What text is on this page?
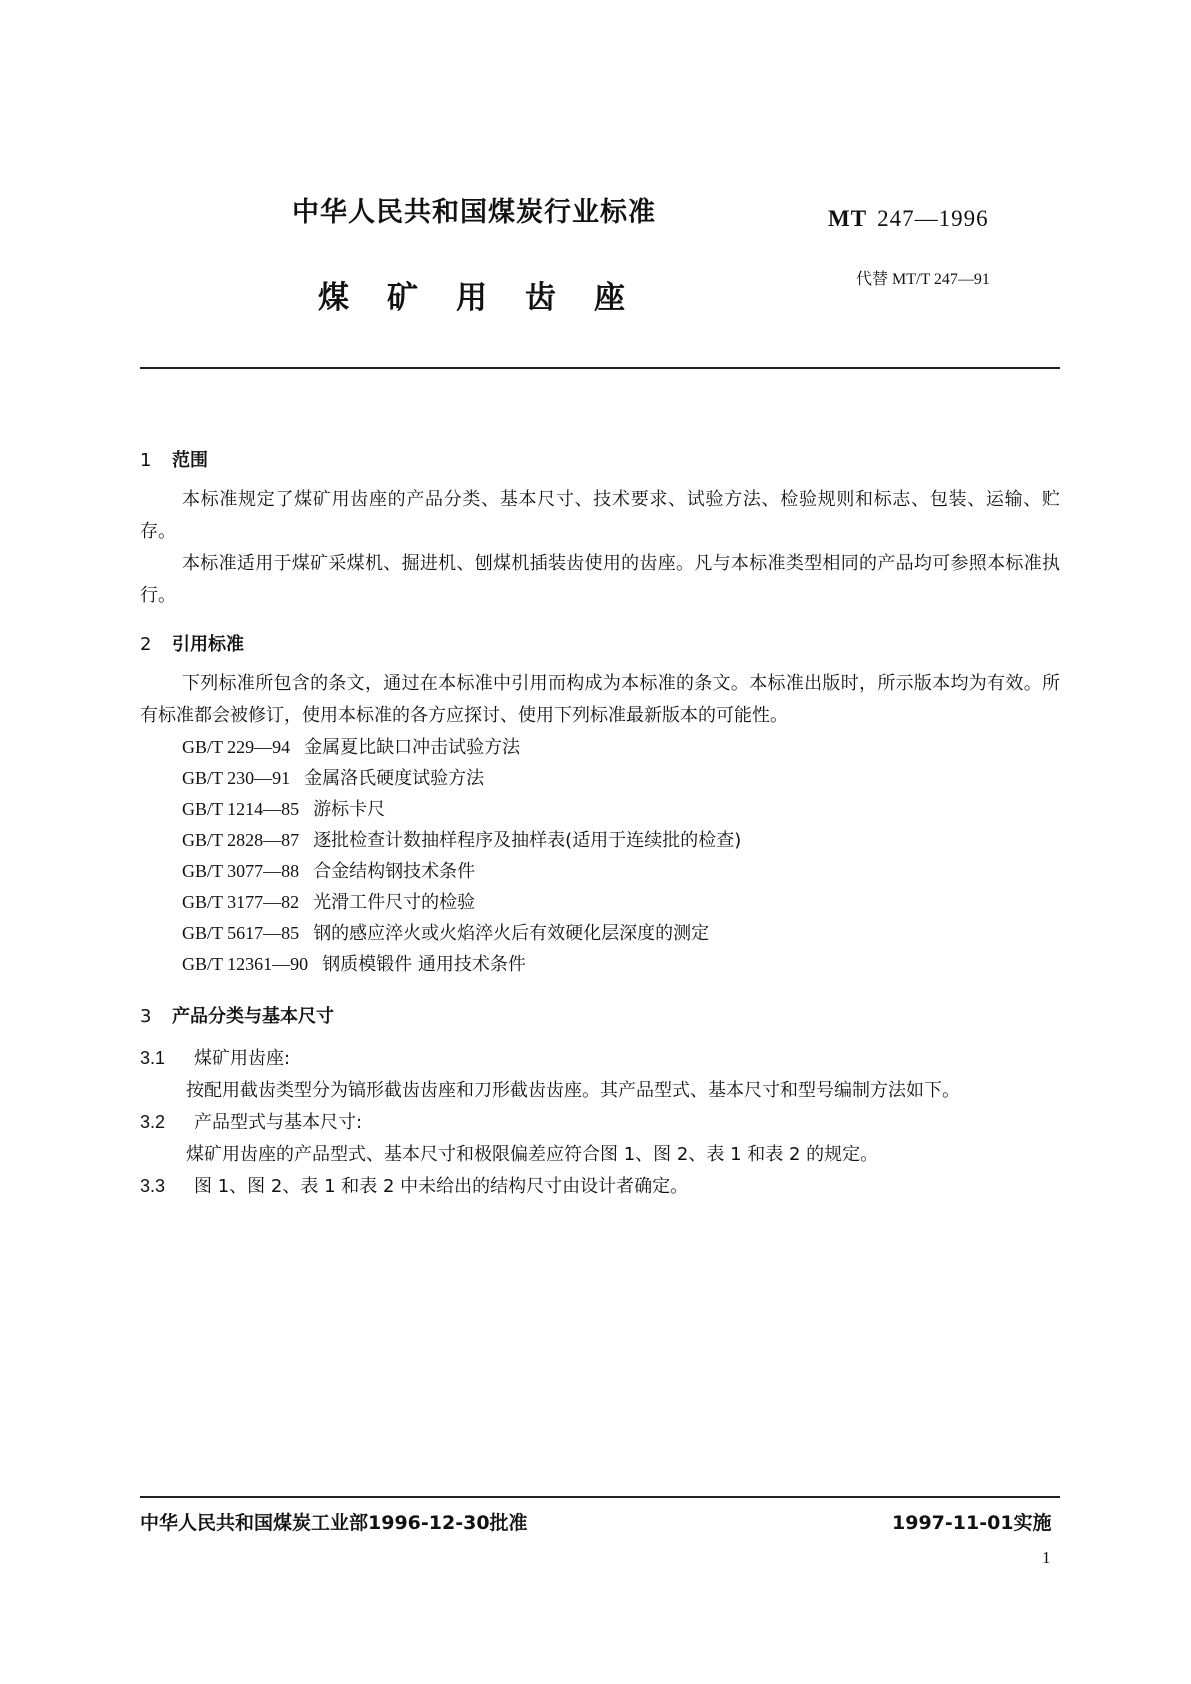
中华人民共和国煤炭行业标准	MT 247—1996
煤矿用齿座
代替 MT/T 247—91
1 范围
本标准规定了煤矿用齿座的产品分类、基本尺寸、技术要求、试验方法、检验规则和标志、包装、运输、贮存。
本标准适用于煤矿采煤机、掘进机、刨煤机插装齿使用的齿座。凡与本标准类型相同的产品均可参照本标准执行。
2 引用标准
下列标准所包含的条文，通过在本标准中引用而构成为本标准的条文。本标准出版时，所示版本均为有效。所有标准都会被修订，使用本标准的各方应探讨、使用下列标准最新版本的可能性。
GB/T 229—94 金属夏比缺口冲击试验方法
GB/T 230—91 金属洛氏硬度试验方法
GB/T 1214—85 游标卡尺
GB/T 2828—87 逐批检查计数抽样程序及抽样表(适用于连续批的检查)
GB/T 3077—88 合金结构钢技术条件
GB/T 3177—82 光滑工件尺寸的检验
GB/T 5617—85 钢的感应淬火或火焰淬火后有效硬化层深度的测定
GB/T 12361—90 钢质模锻件 通用技术条件
3 产品分类与基本尺寸
3.1 煤矿用齿座:
按配用截齿类型分为镐形截齿齿座和刀形截齿齿座。其产品型式、基本尺寸和型号编制方法如下。
3.2 产品型式与基本尺寸:
煤矿用齿座的产品型式、基本尺寸和极限偏差应符合图 1、图 2、表 1 和表 2 的规定。
3.3 图 1、图 2、表 1 和表 2 中未给出的结构尺寸由设计者确定。
中华人民共和国煤炭工业部1996-12-30批准	1997-11-01实施
1
